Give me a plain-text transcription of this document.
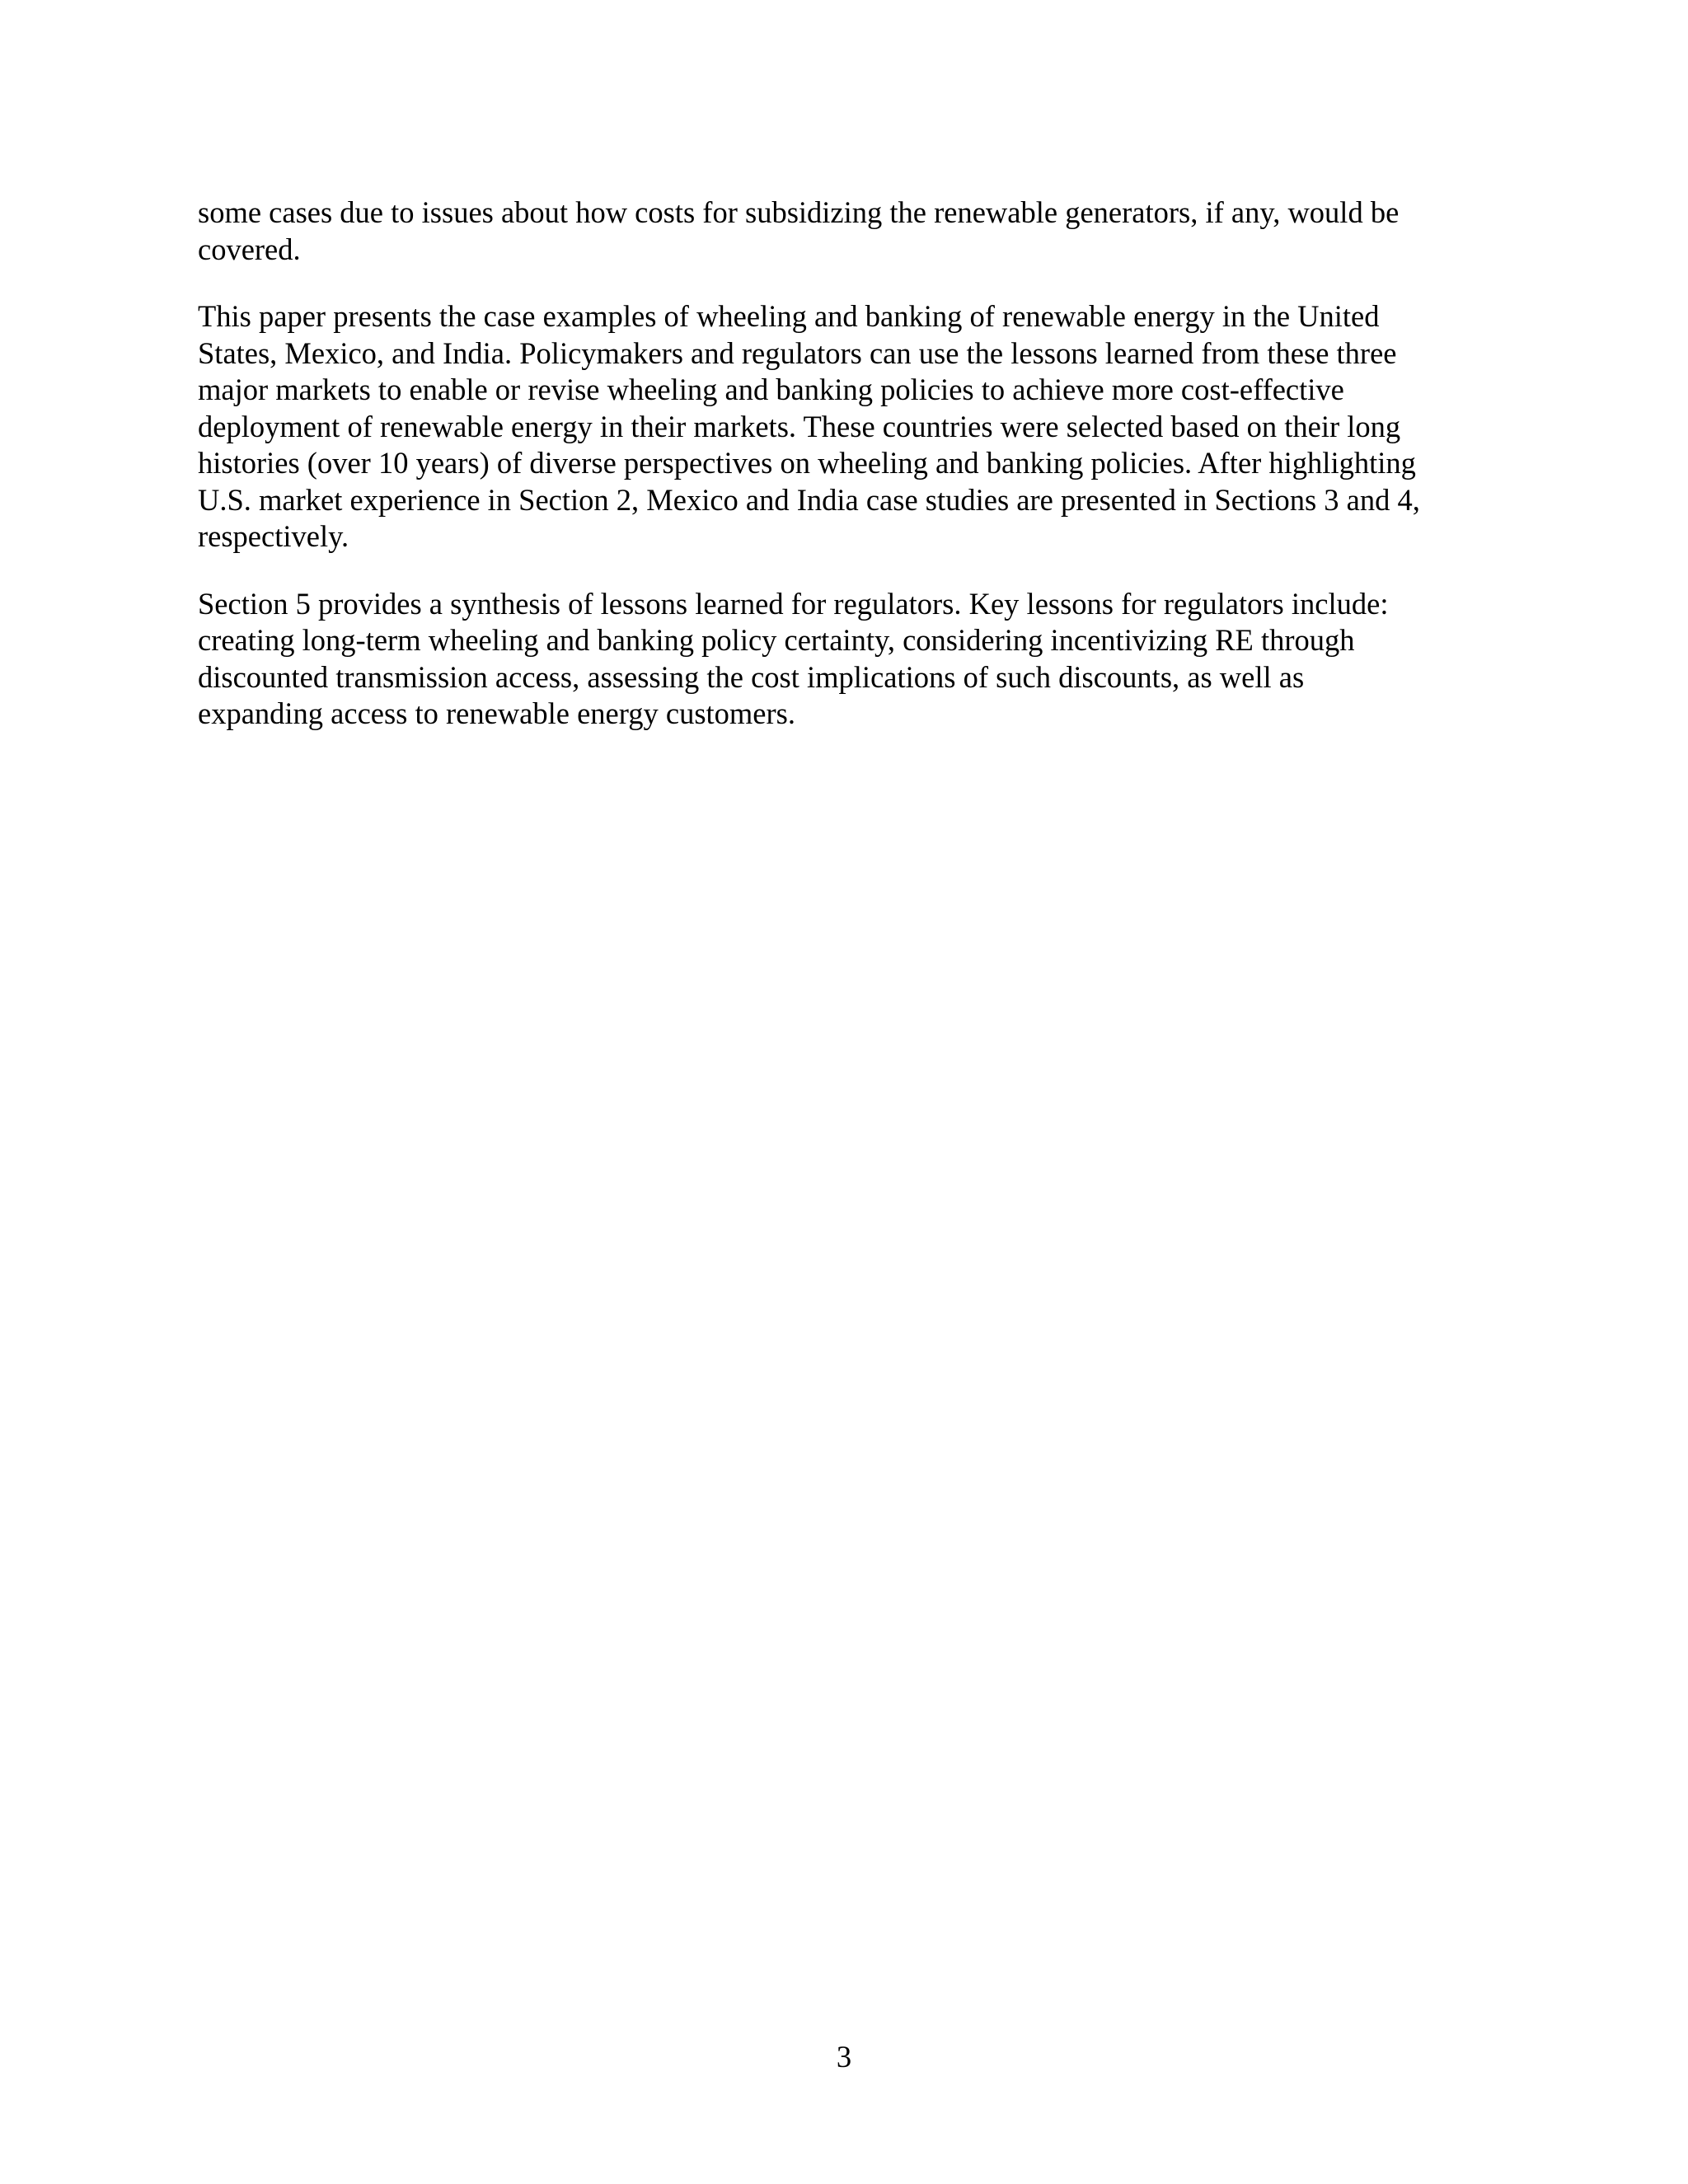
some cases due to issues about how costs for subsidizing the renewable generators, if any, would be
covered.

This paper presents the case examples of wheeling and banking of renewable energy in the United
States, Mexico, and India. Policymakers and regulators can use the lessons learned from these three
major markets to enable or revise wheeling and banking policies to achieve more cost-effective
deployment of renewable energy in their markets. These countries were selected based on their long
histories (over 10 years) of diverse perspectives on wheeling and banking policies. After highlighting
U.S. market experience in Section 2, Mexico and India case studies are presented in Sections 3 and 4,
respectively.

Section 5 provides a synthesis of lessons learned for regulators. Key lessons for regulators include:
creating long-term wheeling and banking policy certainty, considering incentivizing RE through
discounted transmission access, assessing the cost implications of such discounts, as well as
expanding access to renewable energy customers.

3
